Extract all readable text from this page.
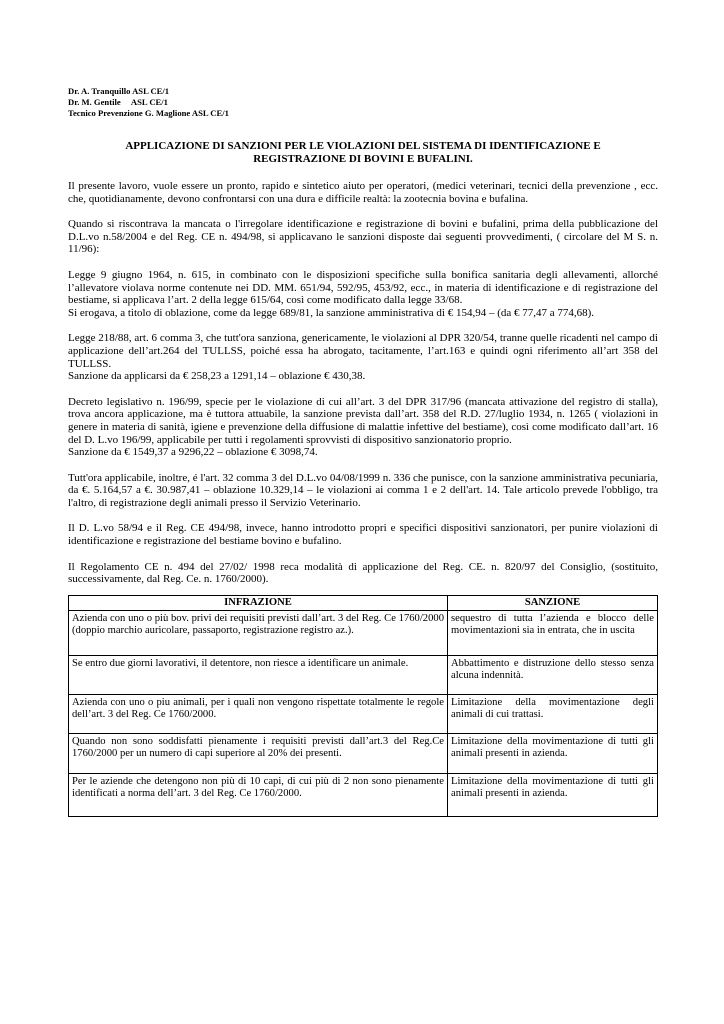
Dr. A. Tranquillo ASL CE/1
Dr. M. Gentile     ASL CE/1
Tecnico Prevenzione G. Maglione ASL CE/1
APPLICAZIONE DI SANZIONI PER LE VIOLAZIONI DEL SISTEMA DI IDENTIFICAZIONE E
REGISTRAZIONE DI BOVINI E BUFALINI.
Il presente lavoro, vuole essere un pronto, rapido e sintetico aiuto per operatori, (medici veterinari, tecnici della prevenzione , ecc. che, quotidianamente, devono confrontarsi con una dura e difficile realtà: la zootecnia bovina e bufalina.
Quando si riscontrava la mancata o l'irregolare identificazione e registrazione di bovini e bufalini, prima della pubblicazione del D.L.vo n.58/2004 e del Reg. CE n. 494/98, si applicavano le sanzioni disposte dai seguenti provvedimenti, ( circolare del M S. n. 11/96):
Legge 9 giugno 1964, n. 615, in combinato con le disposizioni specifiche sulla bonifica sanitaria degli allevamenti, allorché l’allevatore violava norme contenute nei DD. MM. 651/94, 592/95, 453/92, ecc., in materia di identificazione e di registrazione del bestiame, si applicava l’art. 2 della legge 615/64, così come modificato dalla legge 33/68.
Si erogava, a titolo di oblazione, come da legge 689/81, la sanzione amministrativa di € 154,94 – (da € 77,47 a 774,68).
Legge 218/88, art. 6 comma 3, che tutt'ora sanziona, genericamente, le violazioni al DPR 320/54, tranne quelle ricadenti nel campo di applicazione dell’art.264 del TULLSS, poiché essa ha abrogato, tacitamente, l’art.163 e quindi ogni riferimento all’art 358 del TULLSS.
Sanzione da applicarsi da € 258,23 a 1291,14 – oblazione € 430,38.
Decreto legislativo n. 196/99, specie per le violazione di cui all’art. 3 del DPR 317/96 (mancata attivazione del registro di stalla), trova ancora applicazione, ma è tuttora attuabile, la sanzione prevista dall’art. 358 del R.D. 27/luglio 1934, n. 1265 ( violazioni in genere in materia di sanità, igiene e prevenzione della diffusione di malattie infettive del bestiame), così come modificato dall’art. 16 del D. L.vo 196/99, applicabile per tutti i regolamenti sprovvisti di dispositivo sanzionatorio proprio.
Sanzione da € 1549,37 a 9296,22 – oblazione € 3098,74.
Tutt'ora applicabile, inoltre, é l'art. 32 comma 3 del D.L.vo 04/08/1999 n. 336 che punisce, con la sanzione amministrativa pecuniaria, da €. 5.164,57 a €. 30.987,41 – oblazione 10.329,14 – le violazioni ai comma 1 e 2 dell'art. 14. Tale articolo prevede l'obbligo, tra l'altro, di registrazione degli animali presso il Servizio Veterinario.
Il D. L.vo 58/94 e il Reg. CE 494/98, invece, hanno introdotto propri e specifici dispositivi sanzionatori, per punire violazioni di identificazione e registrazione del bestiame bovino e bufalino.
Il Regolamento CE n. 494 del 27/02/ 1998 reca modalità di applicazione del Reg. CE. n. 820/97 del Consiglio, (sostituito, successivamente, dal Reg. Ce. n. 1760/2000).
INFRAZIONE	SANZIONE
Azienda con uno o più bov. privi dei requisiti previsti dall’art. 3 del Reg. Ce 1760/2000 (doppio marchio auricolare, passaporto, registrazione registro az.).	sequestro di tutta l’azienda e blocco delle movimentazioni sia in entrata, che in uscita
Se entro due giorni lavorativi, il detentore, non riesce a identificare un animale.	Abbattimento e distruzione dello stesso senza alcuna indennità.
Azienda con uno o piu animali, per i quali non vengono rispettate totalmente le regole dell’art. 3 del Reg. Ce 1760/2000.	Limitazione della movimentazione degli animali di cui trattasi.
Quando non sono soddisfatti pienamente i requisiti previsti dall’art.3 del Reg.Ce 1760/2000 per un numero di capi superiore al 20% dei presenti.	Limitazione della movimentazione di tutti gli animali presenti in azienda.
Per le aziende che detengono non più di 10 capi, di cui più di 2 non sono pienamente identificati a norma dell’art. 3 del Reg. Ce 1760/2000.	Limitazione della movimentazione di tutti gli animali presenti in azienda.
